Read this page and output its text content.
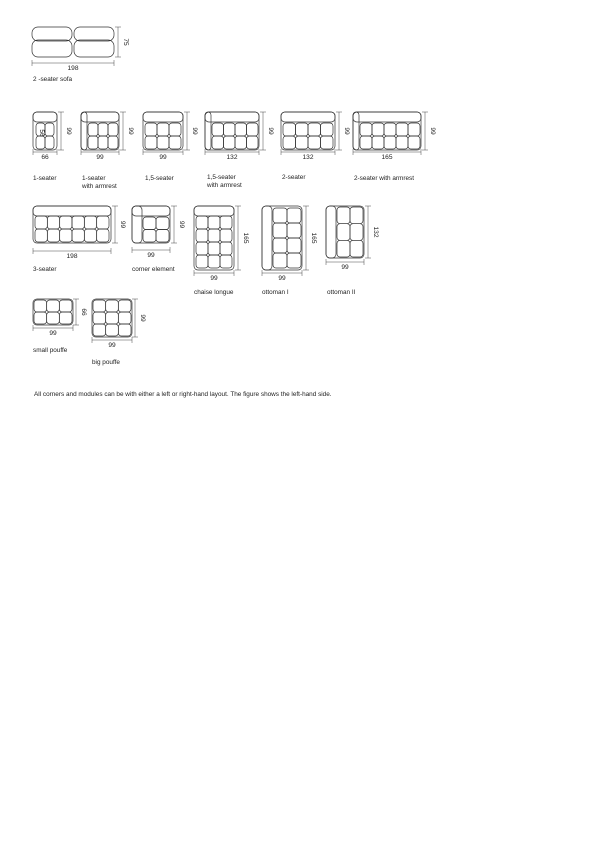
198
75
56
66
99
99
99
99
99
132
99
132
99
165
99
198
99
99
99
99
165
99
165
99
132
99
66
99
99
2 -seater sofa
1-seater	1-seater
with armrest
1,5-seater	1,5-seater
with armrest
2-seater	2-seater with armrest
3-seater	corner element
chaise longue	ottoman I	ottoman II
small pouffe
big pouffe
All corners and modules can be with either a left or right-hand layout. The figure shows the left-hand side.
